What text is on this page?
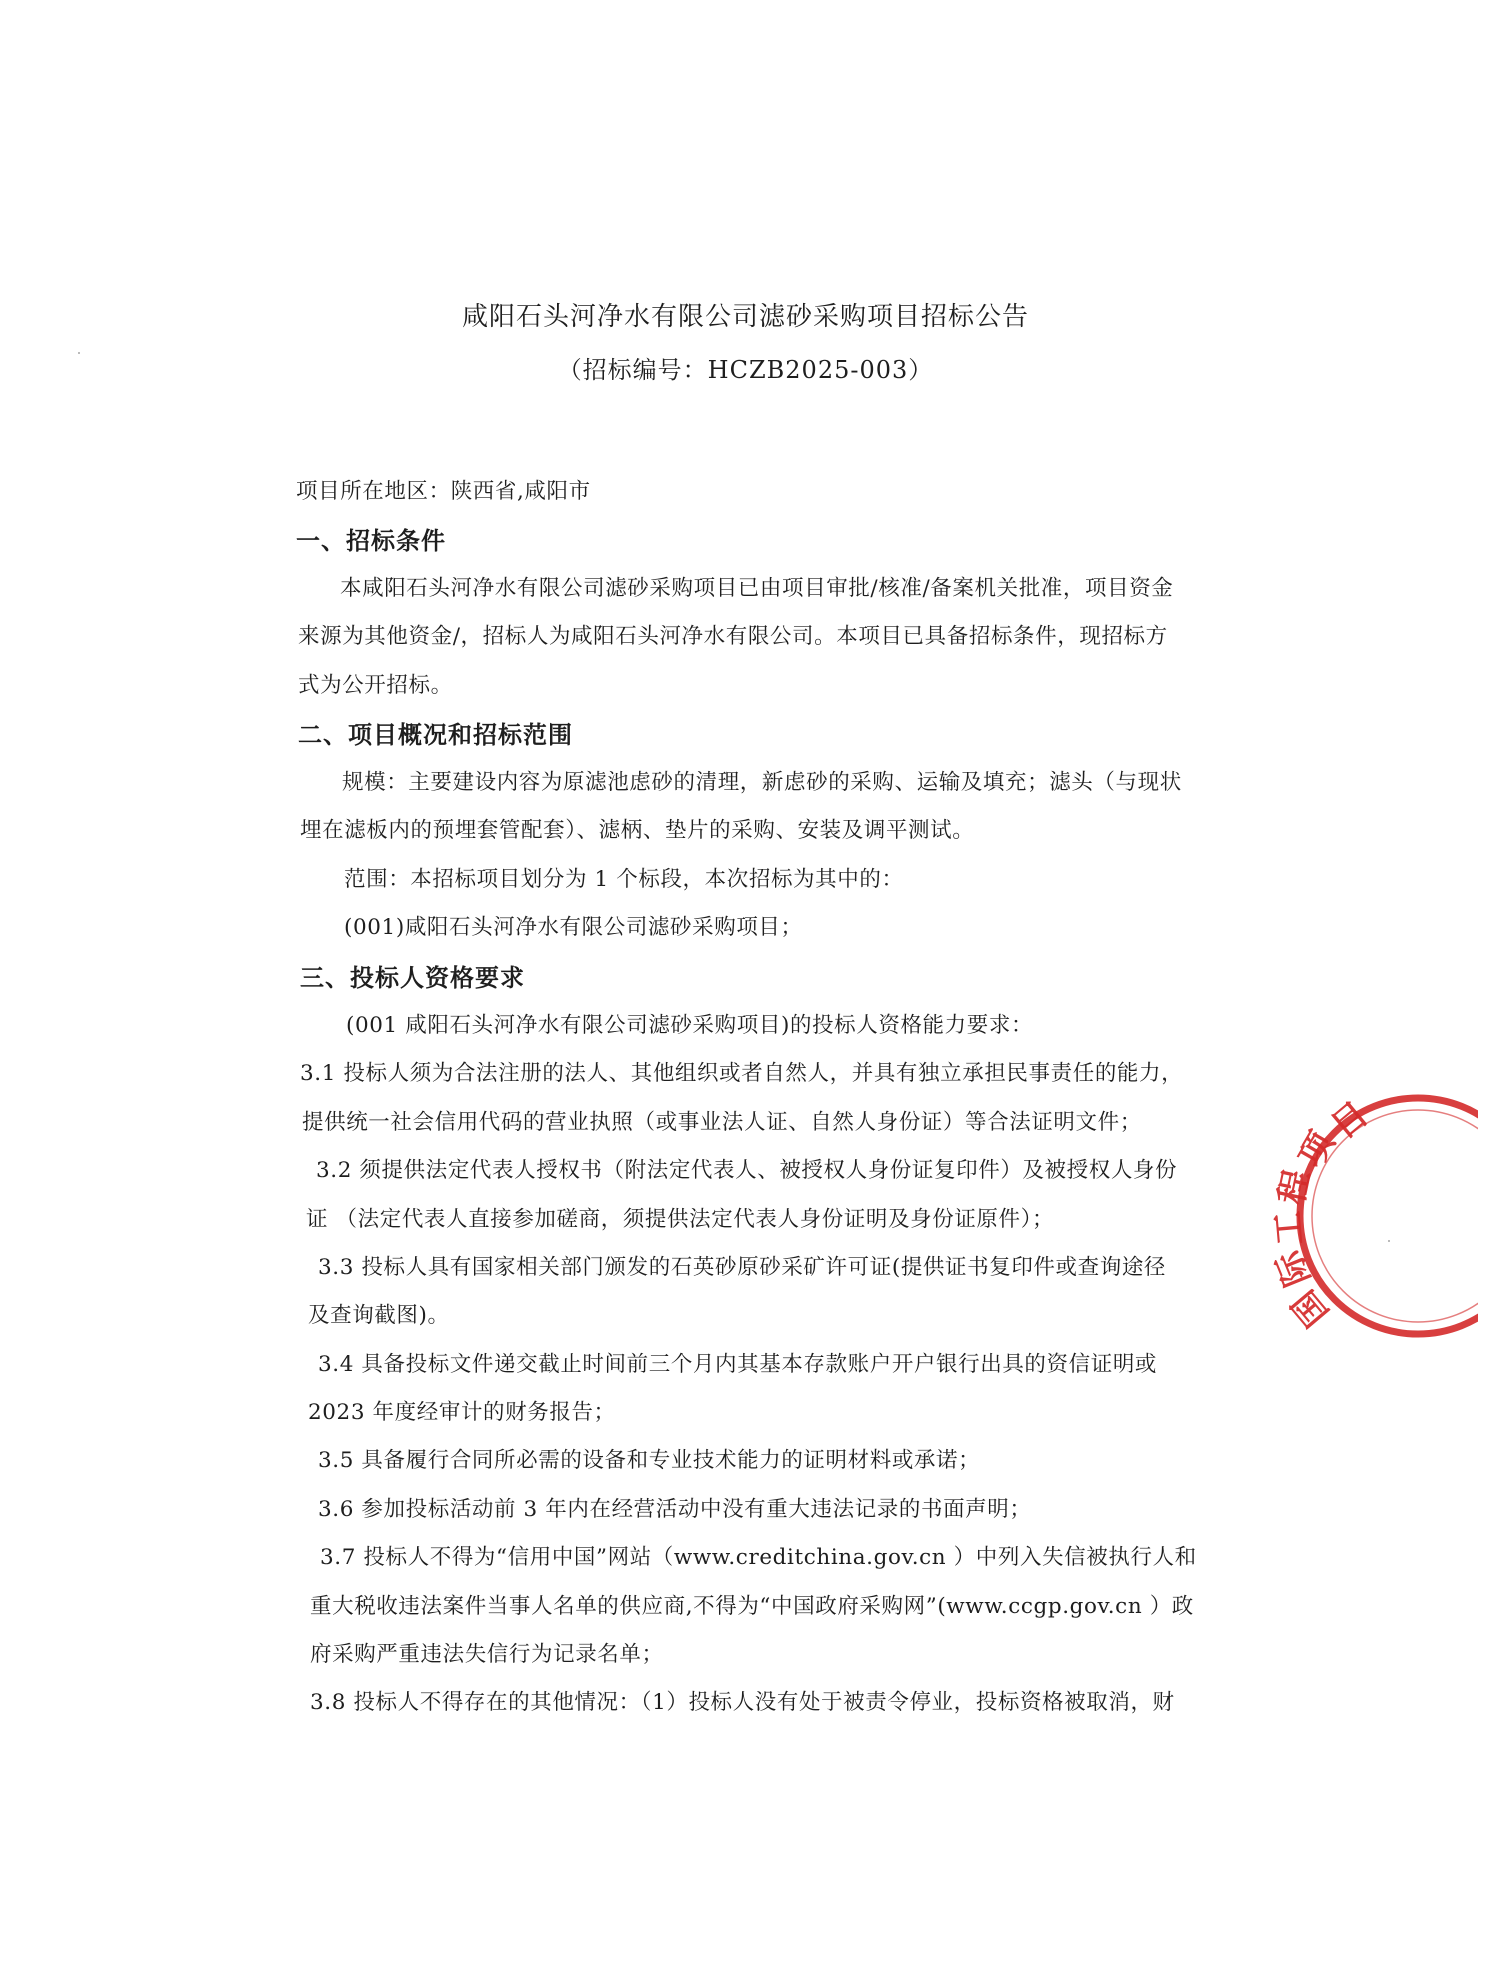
咸阳石头河净水有限公司滤砂采购项目招标公告
（招标编号：HCZB2025-003）
项目所在地区：陕西省,咸阳市
一、招标条件
本咸阳石头河净水有限公司滤砂采购项目已由项目审批/核准/备案机关批准，项目资金
来源为其他资金/，招标人为咸阳石头河净水有限公司。本项目已具备招标条件，现招标方
式为公开招标。
二、项目概况和招标范围
规模：主要建设内容为原滤池虑砂的清理，新虑砂的采购、运输及填充；滤头（与现状
埋在滤板内的预埋套管配套）、滤柄、垫片的采购、安装及调平测试。
范围：本招标项目划分为 1 个标段，本次招标为其中的：
(001)咸阳石头河净水有限公司滤砂采购项目；
三、投标人资格要求
(001 咸阳石头河净水有限公司滤砂采购项目)的投标人资格能力要求：
3.1 投标人须为合法注册的法人、其他组织或者自然人，并具有独立承担民事责任的能力，
提供统一社会信用代码的营业执照（或事业法人证、自然人身份证）等合法证明文件；
3.2 须提供法定代表人授权书（附法定代表人、被授权人身份证复印件）及被授权人身份
证 （法定代表人直接参加磋商，须提供法定代表人身份证明及身份证原件）；
3.3 投标人具有国家相关部门颁发的石英砂原砂采矿许可证(提供证书复印件或查询途径
及查询截图)。
3.4 具备投标文件递交截止时间前三个月内其基本存款账户开户银行出具的资信证明或
2023 年度经审计的财务报告；
3.5 具备履行合同所必需的设备和专业技术能力的证明材料或承诺；
3.6 参加投标活动前 3 年内在经营活动中没有重大违法记录的书面声明；
3.7 投标人不得为“信用中国”网站（www.creditchina.gov.cn ）中列入失信被执行人和
重大税收违法案件当事人名单的供应商,不得为“中国政府采购网”(www.ccgp.gov.cn ）政
府采购严重违法失信行为记录名单；
3.8 投标人不得存在的其他情况：（1）投标人没有处于被责令停业，投标资格被取消，财
目
项
程
工
际
国
